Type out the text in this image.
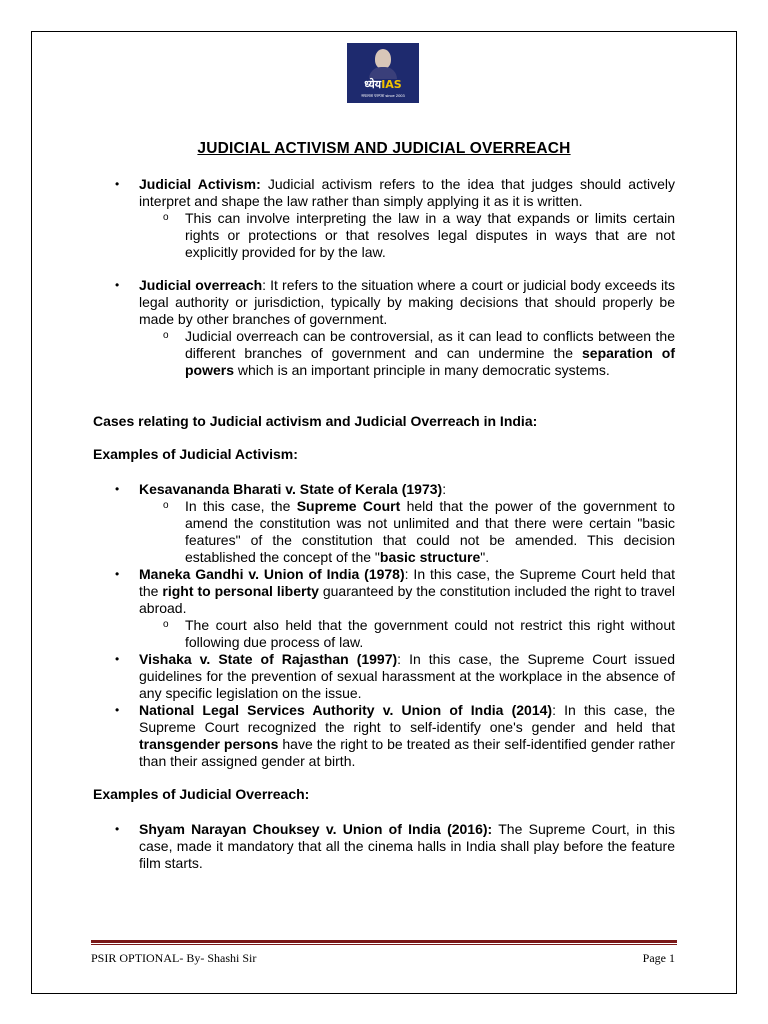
ध्येयIAS
सफलता परम्परा since 2003
JUDICIAL ACTIVISM AND JUDICIAL OVERREACH
• Judicial Activism: Judicial activism refers to the idea that judges should actively interpret and shape the law rather than simply applying it as it is written.
o This can involve interpreting the law in a way that expands or limits certain rights or protections or that resolves legal disputes in ways that are not explicitly provided for by the law.
• Judicial overreach: It refers to the situation where a court or judicial body exceeds its legal authority or jurisdiction, typically by making decisions that should properly be made by other branches of government.
o Judicial overreach can be controversial, as it can lead to conflicts between the different branches of government and can undermine the separation of powers which is an important principle in many democratic systems.
Cases relating to Judicial activism and Judicial Overreach in India:
Examples of Judicial Activism:
• Kesavananda Bharati v. State of Kerala (1973):
o In this case, the Supreme Court held that the power of the government to amend the constitution was not unlimited and that there were certain "basic features" of the constitution that could not be amended. This decision established the concept of the "basic structure".
• Maneka Gandhi v. Union of India (1978): In this case, the Supreme Court held that the right to personal liberty guaranteed by the constitution included the right to travel abroad.
o The court also held that the government could not restrict this right without following due process of law.
• Vishaka v. State of Rajasthan (1997): In this case, the Supreme Court issued guidelines for the prevention of sexual harassment at the workplace in the absence of any specific legislation on the issue.
• National Legal Services Authority v. Union of India (2014): In this case, the Supreme Court recognized the right to self-identify one's gender and held that transgender persons have the right to be treated as their self-identified gender rather than their assigned gender at birth.
Examples of Judicial Overreach:
• Shyam Narayan Chouksey v. Union of India (2016): The Supreme Court, in this case, made it mandatory that all the cinema halls in India shall play before the feature film starts.
PSIR OPTIONAL- By- Shashi Sir	Page 1
